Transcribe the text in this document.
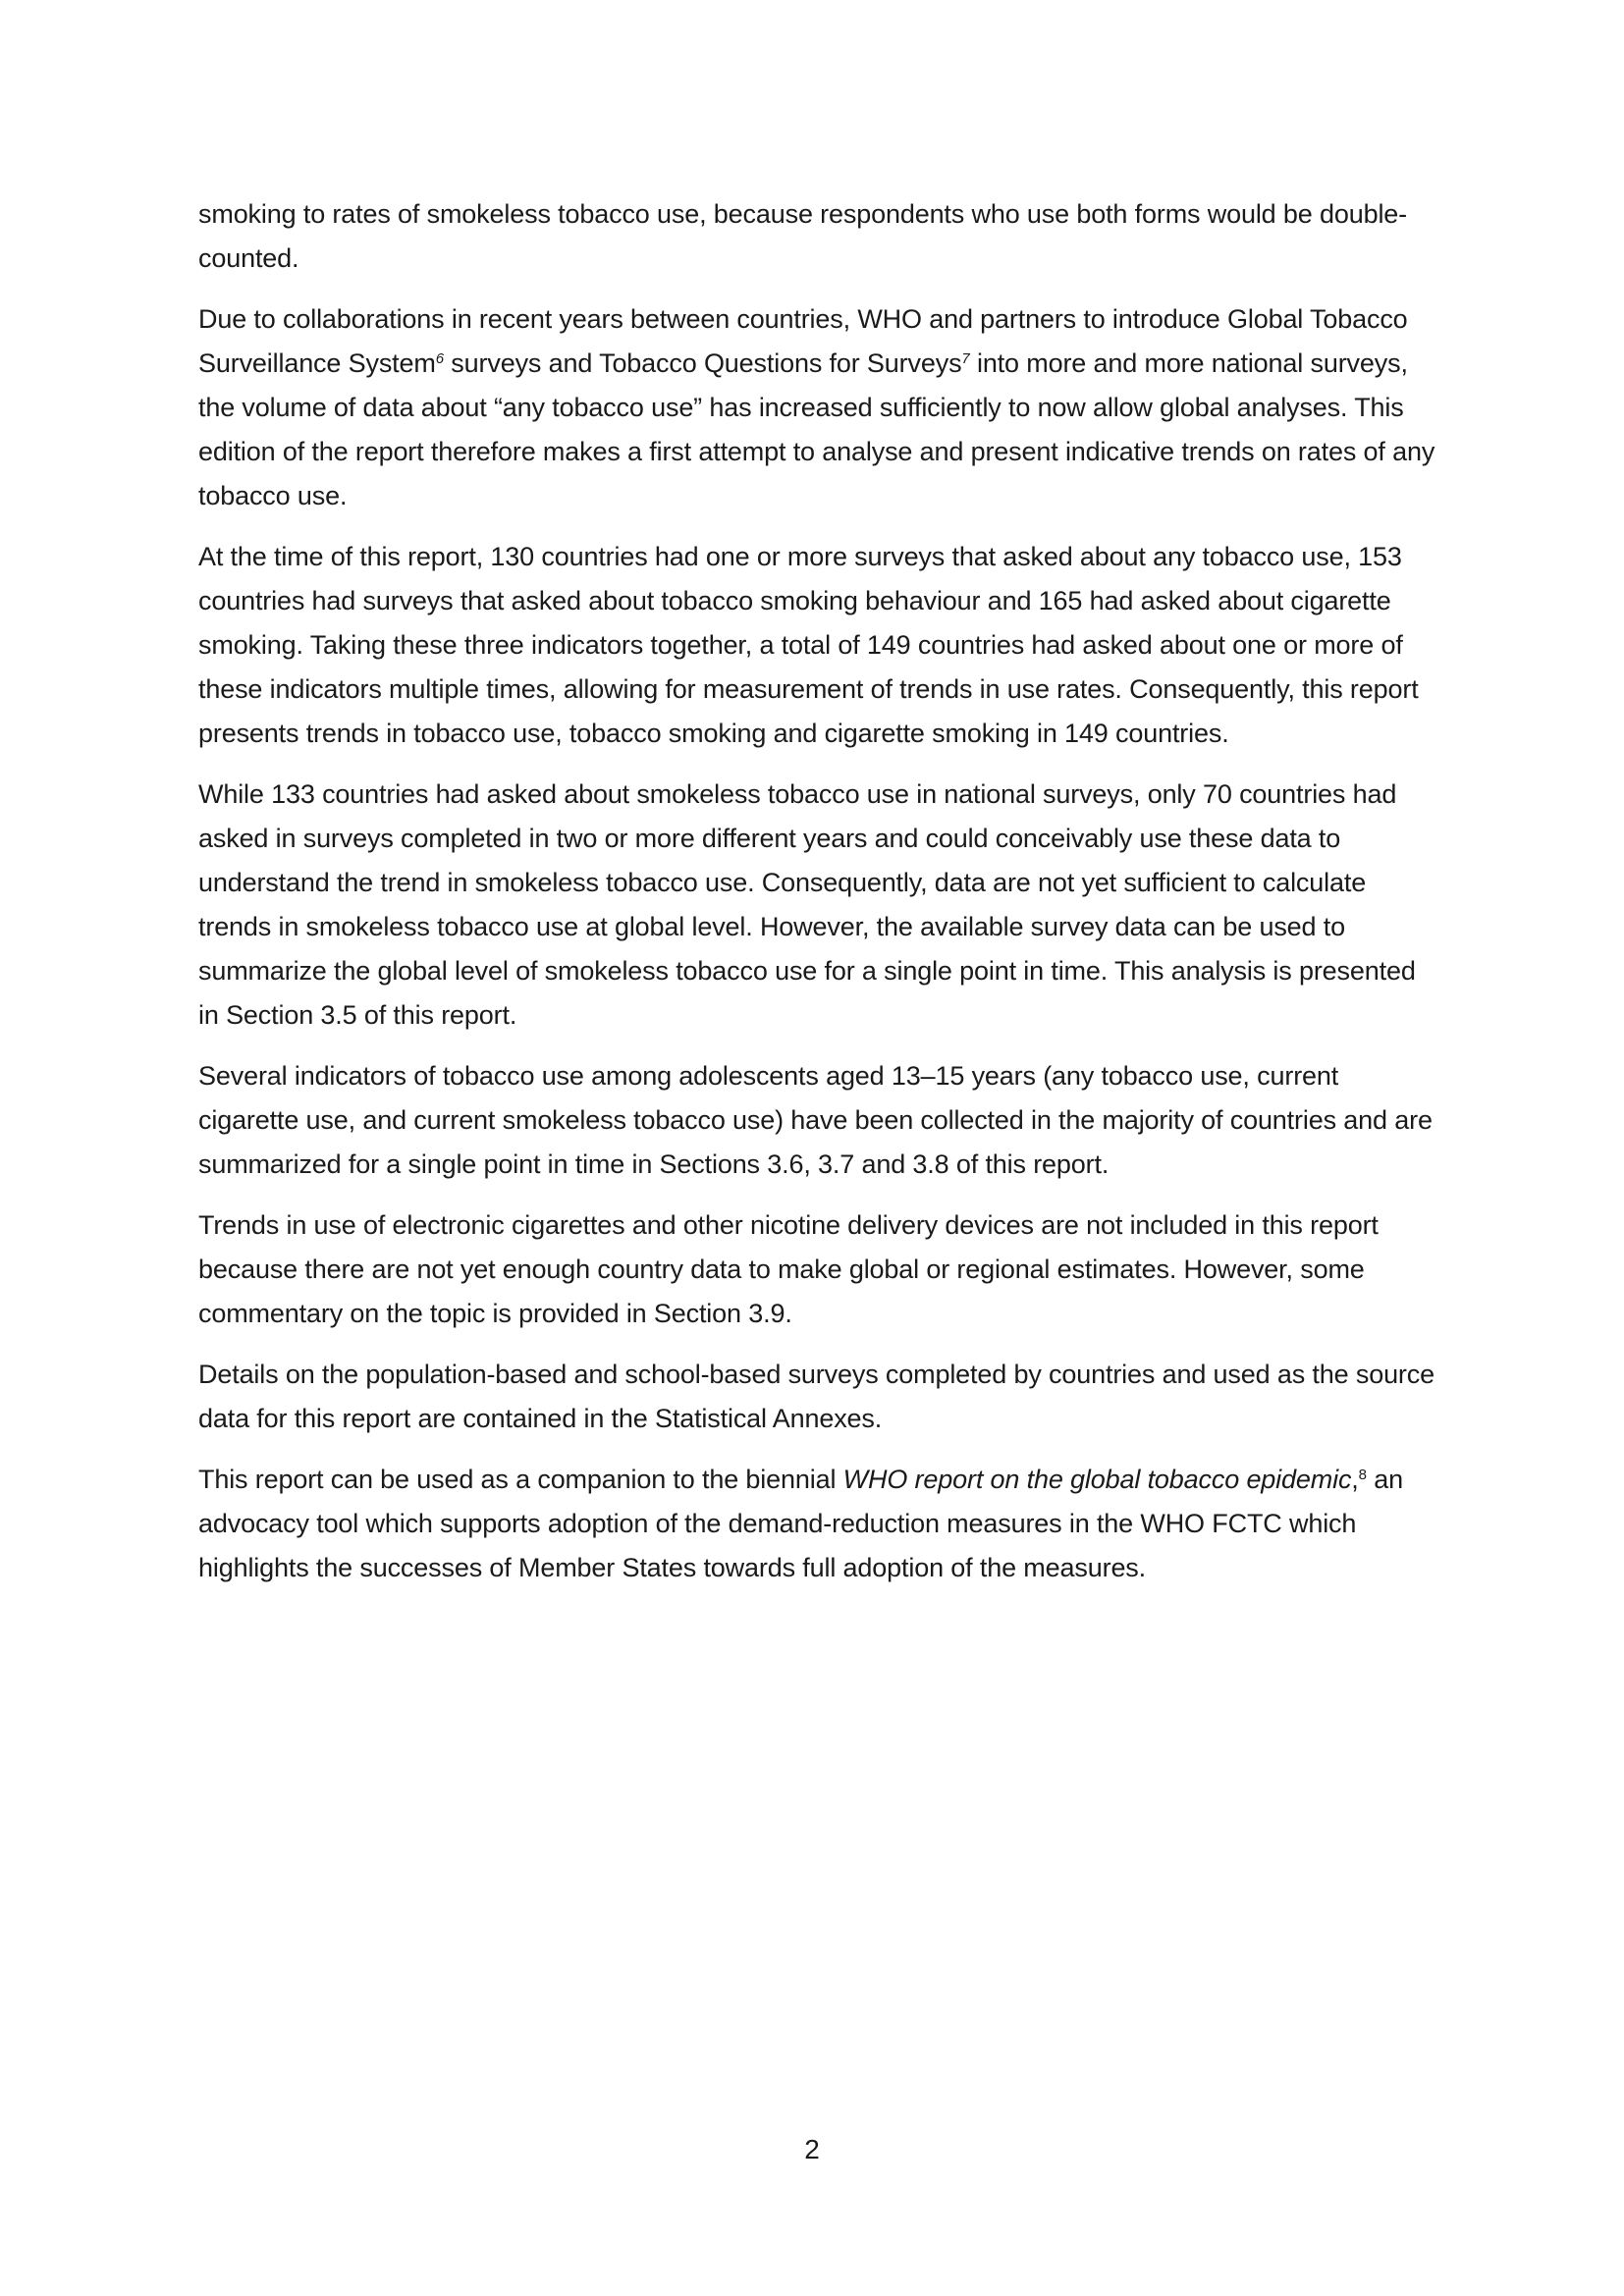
smoking to rates of smokeless tobacco use, because respondents who use both forms would be double-counted.

Due to collaborations in recent years between countries, WHO and partners to introduce Global Tobacco Surveillance System$^6$ surveys and Tobacco Questions for Surveys$^7$ into more and more national surveys, the volume of data about “any tobacco use” has increased sufficiently to now allow global analyses. This edition of the report therefore makes a first attempt to analyse and present indicative trends on rates of any tobacco use.

At the time of this report, 130 countries had one or more surveys that asked about any tobacco use, 153 countries had surveys that asked about tobacco smoking behaviour and 165 had asked about cigarette smoking. Taking these three indicators together, a total of 149 countries had asked about one or more of these indicators multiple times, allowing for measurement of trends in use rates. Consequently, this report presents trends in tobacco use, tobacco smoking and cigarette smoking in 149 countries.

While 133 countries had asked about smokeless tobacco use in national surveys, only 70 countries had asked in surveys completed in two or more different years and could conceivably use these data to understand the trend in smokeless tobacco use. Consequently, data are not yet sufficient to calculate trends in smokeless tobacco use at global level. However, the available survey data can be used to summarize the global level of smokeless tobacco use for a single point in time. This analysis is presented in Section 3.5 of this report.

Several indicators of tobacco use among adolescents aged 13–15 years (any tobacco use, current cigarette use, and current smokeless tobacco use) have been collected in the majority of countries and are summarized for a single point in time in Sections 3.6, 3.7 and 3.8 of this report.

Trends in use of electronic cigarettes and other nicotine delivery devices are not included in this report because there are not yet enough country data to make global or regional estimates. However, some commentary on the topic is provided in Section 3.9.

Details on the population-based and school-based surveys completed by countries and used as the source data for this report are contained in the Statistical Annexes.

This report can be used as a companion to the biennial WHO report on the global tobacco epidemic,$^8$ an advocacy tool which supports adoption of the demand-reduction measures in the WHO FCTC which highlights the successes of Member States towards full adoption of the measures.

2
